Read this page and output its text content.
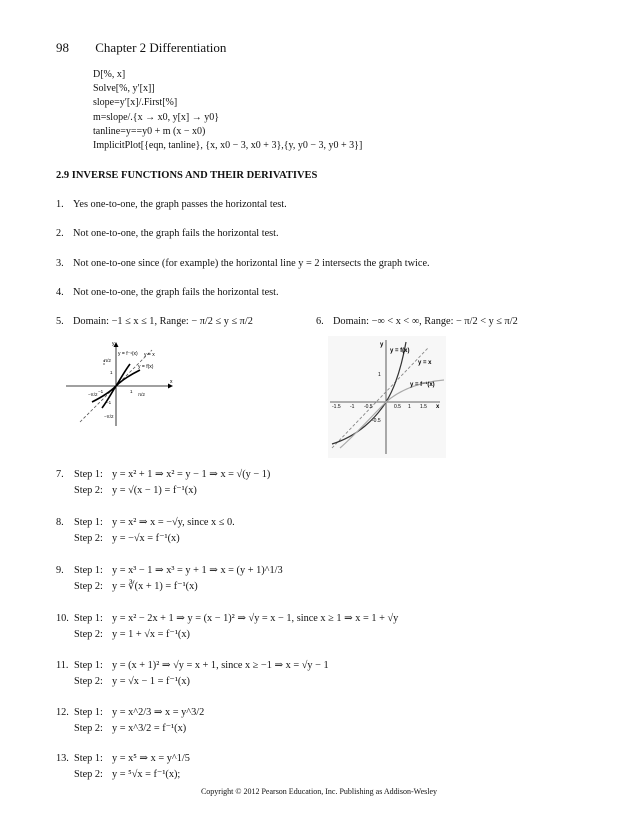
98 Chapter 2 Differentiation
D[%, x]
Solve[%, y′[x]]
slope=y′[x]/.First[%]
m=slope/.{x → x0, y[x] → y0}
tanline=y==y0 + m (x − x0)
ImplicitPlot[{eqn, tanline}, {x, x0 − 3, x0 + 3},{y, y0 − 3, y0 + 3}]
2.9 INVERSE FUNCTIONS AND THEIR DERIVATIVES
1. Yes one-to-one, the graph passes the horizontal test.
2. Not one-to-one, the graph fails the horizontal test.
3. Not one-to-one since (for example) the horizontal line y = 2 intersects the graph twice.
4. Not one-to-one, the graph fails the horizontal test.
5. Domain: −1 ≤ x ≤ 1, Range: − π/2 ≤ y ≤ π/2	6. Domain: −∞ < x < ∞, Range: − π/2 < y ≤ π/2
y
x
y = f⁻¹(x) y = x
y = f(x)
1
−1
π/2
−π/2
π/2
1
−1
−π/2
y
x
y = f(x)
y = x
y = f⁻¹(x)
1
-0.5
-1.5 -1 -0.5	0.5 1 1.5
7. Step 1: y = x² + 1 ⇒ x² = y − 1 ⇒ x = √(y − 1)
Step 2: y = √(x − 1) = f⁻¹(x)
8. Step 1: y = x² ⇒ x = −√y, since x ≤ 0.
Step 2: y = −√x = f⁻¹(x)
9. Step 1: y = x³ − 1 ⇒ x³ = y + 1 ⇒ x = (y + 1)^1/3
Step 2: y = ∛(x + 1) = f⁻¹(x)
10. Step 1: y = x² − 2x + 1 ⇒ y = (x − 1)² ⇒ √y = x − 1, since x ≥ 1 ⇒ x = 1 + √y
Step 2: y = 1 + √x = f⁻¹(x)
11. Step 1: y = (x + 1)² ⇒ √y = x + 1, since x ≥ −1 ⇒ x = √y − 1
Step 2: y = √x − 1 = f⁻¹(x)
12. Step 1: y = x^2/3 ⇒ x = y^3/2
Step 2: y = x^3/2 = f⁻¹(x)
13. Step 1: y = x⁵ ⇒ x = y^1/5
Step 2: y = ⁵√x = f⁻¹(x);
Copyright © 2012 Pearson Education, Inc. Publishing as Addison-Wesley
